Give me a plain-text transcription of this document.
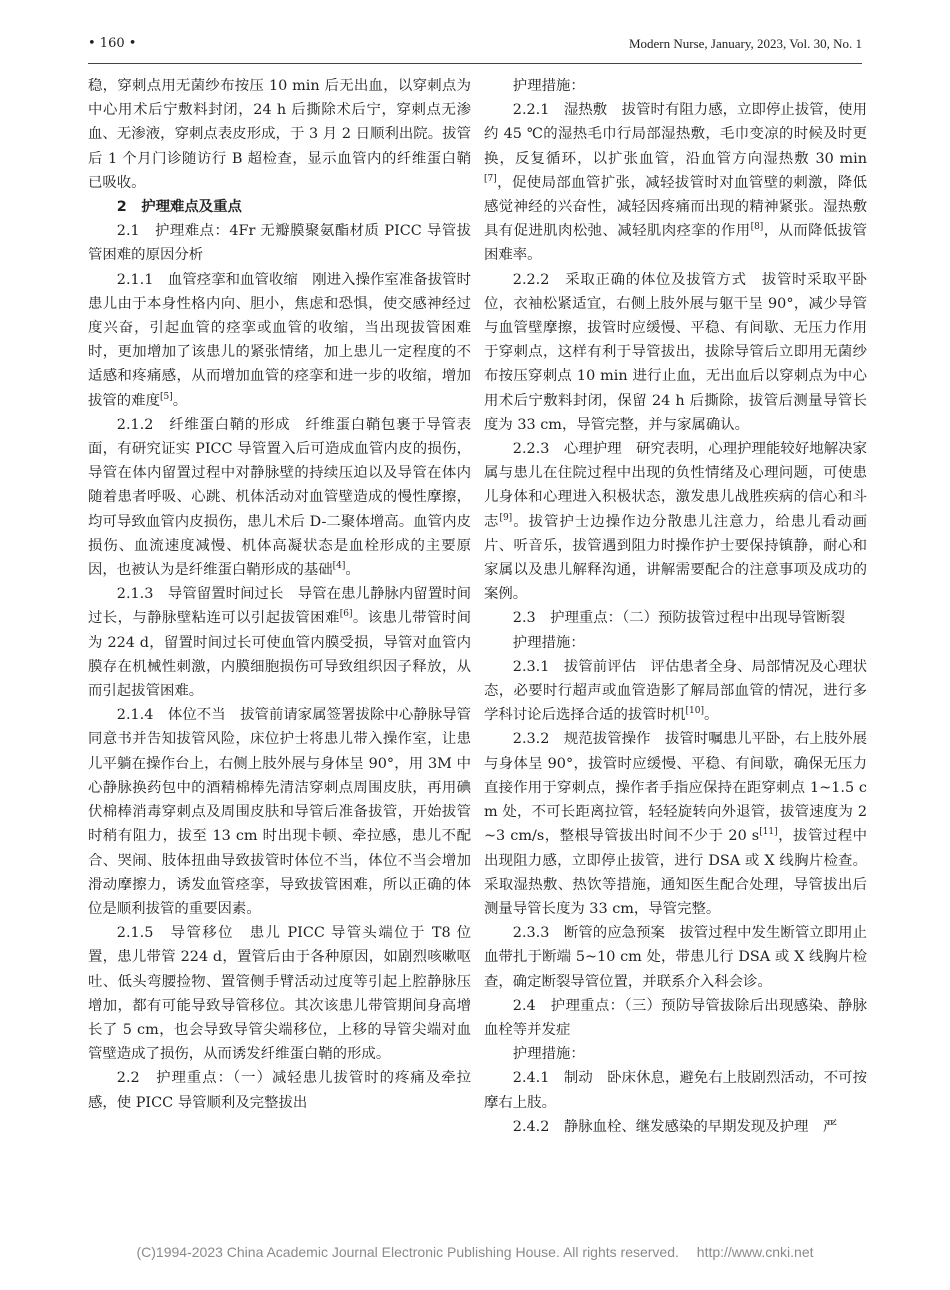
• 160 •	Modern Nurse, January, 2023, Vol. 30, No. 1

稳，穿刺点用无菌纱布按压 10 min 后无出血，以穿刺点为中心用术后宁敷料封闭，24 h 后撕除术后宁，穿刺点无渗血、无渗液，穿刺点表皮形成，于 3 月 2 日顺利出院。拔管后 1 个月门诊随访行 B 超检查，显示血管内的纤维蛋白鞘已吸收。

2　护理难点及重点

2.1　护理难点：4Fr 无瓣膜聚氨酯材质 PICC 导管拔管困难的原因分析

2.1.1　血管痉挛和血管收缩　刚进入操作室准备拔管时患儿由于本身性格内向、胆小，焦虑和恐惧，使交感神经过度兴奋，引起血管的痉挛或血管的收缩，当出现拔管困难时，更加增加了该患儿的紧张情绪，加上患儿一定程度的不适感和疼痛感，从而增加血管的痉挛和进一步的收缩，增加拔管的难度[5]。

2.1.2　纤维蛋白鞘的形成　纤维蛋白鞘包裹于导管表面，有研究证实 PICC 导管置入后可造成血管内皮的损伤，导管在体内留置过程中对静脉壁的持续压迫以及导管在体内随着患者呼吸、心跳、机体活动对血管壁造成的慢性摩擦，均可导致血管内皮损伤，患儿术后 D-二聚体增高。血管内皮损伤、血流速度减慢、机体高凝状态是血栓形成的主要原因，也被认为是纤维蛋白鞘形成的基础[4]。

2.1.3　导管留置时间过长　导管在患儿静脉内留置时间过长，与静脉壁粘连可以引起拔管困难[6]。该患儿带管时间为 224 d，留置时间过长可使血管内膜受损，导管对血管内膜存在机械性刺激，内膜细胞损伤可导致组织因子释放，从而引起拔管困难。

2.1.4　体位不当　拔管前请家属签署拔除中心静脉导管同意书并告知拔管风险，床位护士将患儿带入操作室，让患儿平躺在操作台上，右侧上肢外展与身体呈 90°，用 3M 中心静脉换药包中的酒精棉棒先清洁穿刺点周围皮肤，再用碘伏棉棒消毒穿刺点及周围皮肤和导管后准备拔管，开始拔管时稍有阻力，拔至 13 cm 时出现卡顿、牵拉感，患儿不配合、哭闹、肢体扭曲导致拔管时体位不当，体位不当会增加滑动摩擦力，诱发血管痉挛，导致拔管困难，所以正确的体位是顺利拔管的重要因素。

2.1.5　导管移位　患儿 PICC 导管头端位于 T8 位置，患儿带管 224 d，置管后由于各种原因，如剧烈咳嗽呕吐、低头弯腰捡物、置管侧手臂活动过度等引起上腔静脉压增加，都有可能导致导管移位。其次该患儿带管期间身高增长了 5 cm，也会导致导管尖端移位，上移的导管尖端对血管壁造成了损伤，从而诱发纤维蛋白鞘的形成。

2.2　护理重点：（一）减轻患儿拔管时的疼痛及牵拉感，使 PICC 导管顺利及完整拔出

护理措施：

2.2.1　湿热敷　拔管时有阻力感，立即停止拔管，使用约 45 ℃的湿热毛巾行局部湿热敷，毛巾变凉的时候及时更换，反复循环，以扩张血管，沿血管方向湿热敷 30 min[7]，促使局部血管扩张，减轻拔管时对血管壁的刺激，降低感觉神经的兴奋性，减轻因疼痛而出现的精神紧张。湿热敷具有促进肌肉松弛、减轻肌肉痉挛的作用[8]，从而降低拔管困难率。

2.2.2　采取正确的体位及拔管方式　拔管时采取平卧位，衣袖松紧适宜，右侧上肢外展与躯干呈 90°，减少导管与血管壁摩擦，拔管时应缓慢、平稳、有间歇、无压力作用于穿刺点，这样有利于导管拔出，拔除导管后立即用无菌纱布按压穿刺点 10 min 进行止血，无出血后以穿刺点为中心用术后宁敷料封闭，保留 24 h 后撕除，拔管后测量导管长度为 33 cm，导管完整，并与家属确认。

2.2.3　心理护理　研究表明，心理护理能较好地解决家属与患儿在住院过程中出现的负性情绪及心理问题，可使患儿身体和心理进入积极状态，激发患儿战胜疾病的信心和斗志[9]。拔管护士边操作边分散患儿注意力，给患儿看动画片、听音乐，拔管遇到阻力时操作护士要保持镇静，耐心和家属以及患儿解释沟通，讲解需要配合的注意事项及成功的案例。

2.3　护理重点：（二）预防拔管过程中出现导管断裂

护理措施：

2.3.1　拔管前评估　评估患者全身、局部情况及心理状态，必要时行超声或血管造影了解局部血管的情况，进行多学科讨论后选择合适的拔管时机[10]。

2.3.2　规范拔管操作　拔管时嘱患儿平卧，右上肢外展与身体呈 90°，拔管时应缓慢、平稳、有间歇，确保无压力直接作用于穿刺点，操作者手指应保持在距穿刺点 1~1.5 cm 处，不可长距离拉管，轻轻旋转向外退管，拔管速度为 2~3 cm/s，整根导管拔出时间不少于 20 s[11]，拔管过程中出现阻力感，立即停止拔管，进行 DSA 或 X 线胸片检查。采取湿热敷、热饮等措施，通知医生配合处理，导管拔出后测量导管长度为 33 cm，导管完整。

2.3.3　断管的应急预案　拔管过程中发生断管立即用止血带扎于断端 5~10 cm 处，带患儿行 DSA 或 X 线胸片检查，确定断裂导管位置，并联系介入科会诊。

2.4　护理重点：（三）预防导管拔除后出现感染、静脉血栓等并发症

护理措施：

2.4.1　制动　卧床休息，避免右上肢剧烈活动，不可按摩右上肢。

2.4.2　静脉血栓、继发感染的早期发现及护理　严

(C)1994-2023 China Academic Journal Electronic Publishing House. All rights reserved.　 http://www.cnki.net
